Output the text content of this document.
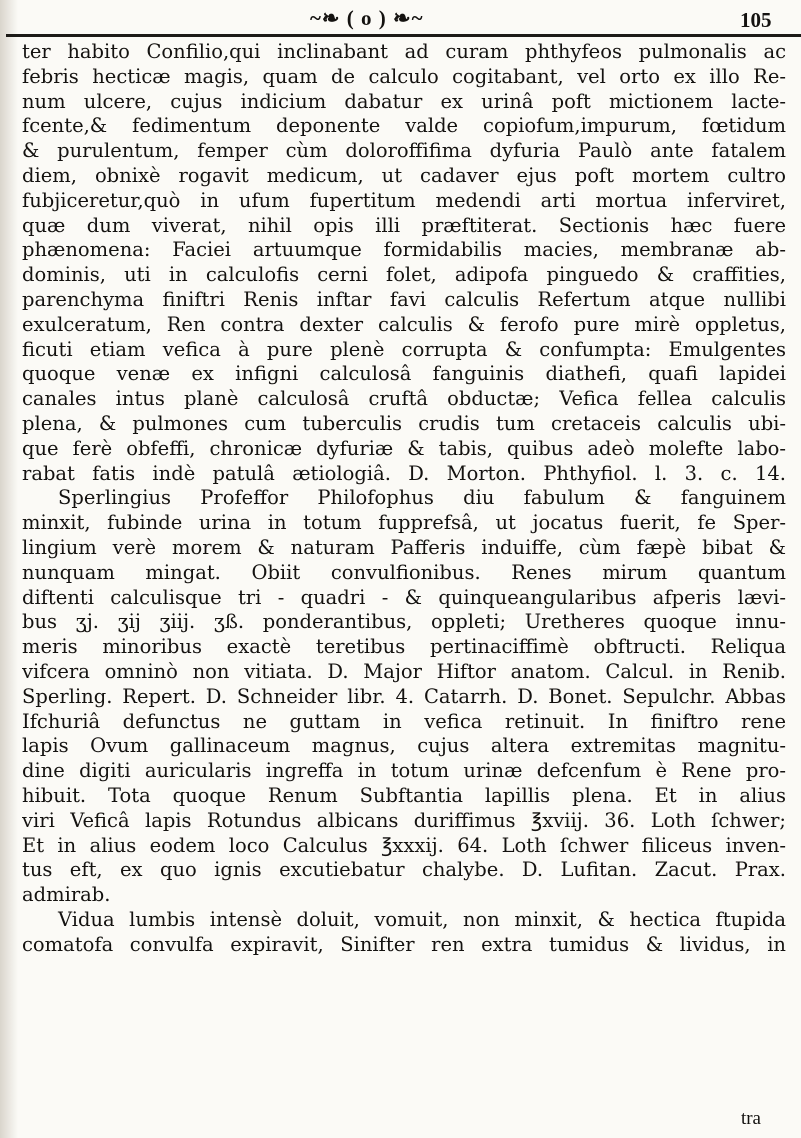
~❧ ( o ) ❧~	105
ter habito Confilio,qui inclinabant ad curam phthyfeos pulmonalis ac
febris hecticæ magis, quam de calculo cogitabant, vel orto ex illo Re-
num ulcere, cujus indicium dabatur ex urinâ poft mictionem lacte-
fcente,& fedimentum deponente valde copiofum,impurum, fœtidum
& purulentum, femper cùm doloroffifima dyfuria Paulò ante fatalem
diem, obnixè rogavit medicum, ut cadaver ejus poft mortem cultro
fubjiceretur,quò in ufum fupertitum medendi arti mortua inferviret,
quæ dum viverat, nihil opis illi præftiterat. Sectionis hæc fuere
phænomena: Faciei artuumque formidabilis macies, membranæ ab-
dominis, uti in calculofis cerni folet, adipofa pinguedo & craffities,
parenchyma finiftri Renis inftar favi calculis Refertum atque nullibi
exulceratum, Ren contra dexter calculis & ferofo pure mirè oppletus,
ficuti etiam vefica à pure plenè corrupta & confumpta: Emulgentes
quoque venæ ex infigni calculosâ fanguinis diathefi, quafi lapidei
canales intus planè calculosâ cruftâ obductæ; Vefica fellea calculis
plena, & pulmones cum tuberculis crudis tum cretaceis calculis ubi-
que ferè obfeffi, chronicæ dyfuriæ & tabis, quibus adeò molefte labo-
rabat fatis indè patulâ ætiologiâ. D. Morton. Phthyfiol. l. 3. c. 14.
Sperlingius Profeffor Philofophus diu fabulum & fanguinem
minxit, fubinde urina in totum fupprefsâ, ut jocatus fuerit, fe Sper-
lingium verè morem & naturam Pafferis induiffe, cùm fæpè bibat &
nunquam mingat. Obiit convulfionibus. Renes mirum quantum
diftenti calculisque tri - quadri - & quinqueangularibus afperis lævi-
bus ʒj. ʒij ʒiij. ʒß. ponderantibus, oppleti; Uretheres quoque innu-
meris minoribus exactè teretibus pertinaciffimè obftructi. Reliqua
vifcera omninò non vitiata. D. Major Hiftor anatom. Calcul. in Renib.
Sperling. Repert. D. Schneider libr. 4. Catarrh. D. Bonet. Sepulchr. Abbas
Ifchuriâ defunctus ne guttam in vefica retinuit. In finiftro rene
lapis Ovum gallinaceum magnus, cujus altera extremitas magnitu-
dine digiti auricularis ingreffa in totum urinæ defcenfum è Rene pro-
hibuit. Tota quoque Renum Subftantia lapillis plena. Et in alius
viri Veficâ lapis Rotundus albicans duriffimus ℥xviij. 36. Loth ſchwer;
Et in alius eodem loco Calculus ℥xxxij. 64. Loth ſchwer filiceus inven-
tus eft, ex quo ignis excutiebatur chalybe. D. Lufitan. Zacut. Prax.
admirab.
Vidua lumbis intensè doluit, vomuit, non minxit, & hectica ftupida
comatofa convulfa expiravit, Sinifter ren extra tumidus & lividus, in
tra
